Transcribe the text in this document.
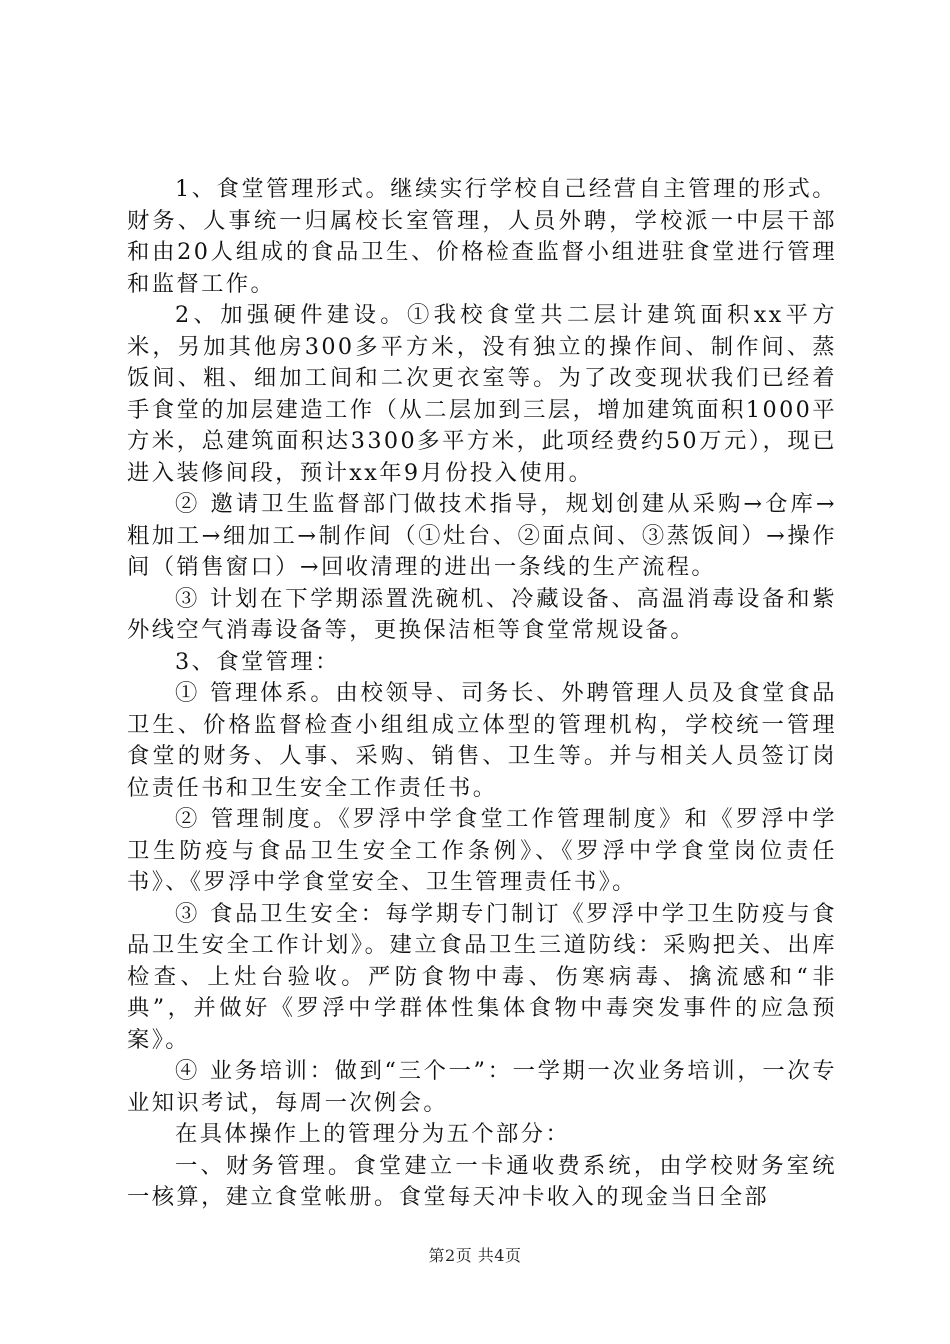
1、食堂管理形式。继续实行学校自己经营自主管理的形式。财务、人事统一归属校长室管理，人员外聘，学校派一中层干部和由20人组成的食品卫生、价格检查监督小组进驻食堂进行管理和监督工作。

2、加强硬件建设。①我校食堂共二层计建筑面积xx平方米，另加其他房300多平方米，没有独立的操作间、制作间、蒸饭间、粗、细加工间和二次更衣室等。为了改变现状我们已经着手食堂的加层建造工作（从二层加到三层，增加建筑面积1000平方米，总建筑面积达3300多平方米，此项经费约50万元），现已进入装修间段，预计xx年9月份投入使用。

② 邀请卫生监督部门做技术指导，规划创建从采购→仓库→粗加工→细加工→制作间（①灶台、②面点间、③蒸饭间）→操作间（销售窗口）→回收清理的进出一条线的生产流程。

③ 计划在下学期添置洗碗机、冷藏设备、高温消毒设备和紫外线空气消毒设备等，更换保洁柜等食堂常规设备。

3、食堂管理：

① 管理体系。由校领导、司务长、外聘管理人员及食堂食品卫生、价格监督检查小组组成立体型的管理机构，学校统一管理食堂的财务、人事、采购、销售、卫生等。并与相关人员签订岗位责任书和卫生安全工作责任书。

② 管理制度。《罗浮中学食堂工作管理制度》和《罗浮中学卫生防疫与食品卫生安全工作条例》、《罗浮中学食堂岗位责任书》、《罗浮中学食堂安全、卫生管理责任书》。

③ 食品卫生安全：每学期专门制订《罗浮中学卫生防疫与食品卫生安全工作计划》。建立食品卫生三道防线：采购把关、出库检查、上灶台验收。严防食物中毒、伤寒病毒、擒流感和“非典”，并做好《罗浮中学群体性集体食物中毒突发事件的应急预案》。

④ 业务培训：做到“三个一”：一学期一次业务培训，一次专业知识考试，每周一次例会。

在具体操作上的管理分为五个部分：

一、财务管理。食堂建立一卡通收费系统，由学校财务室统一核算，建立食堂帐册。食堂每天冲卡收入的现金当日全部

第2页 共4页
